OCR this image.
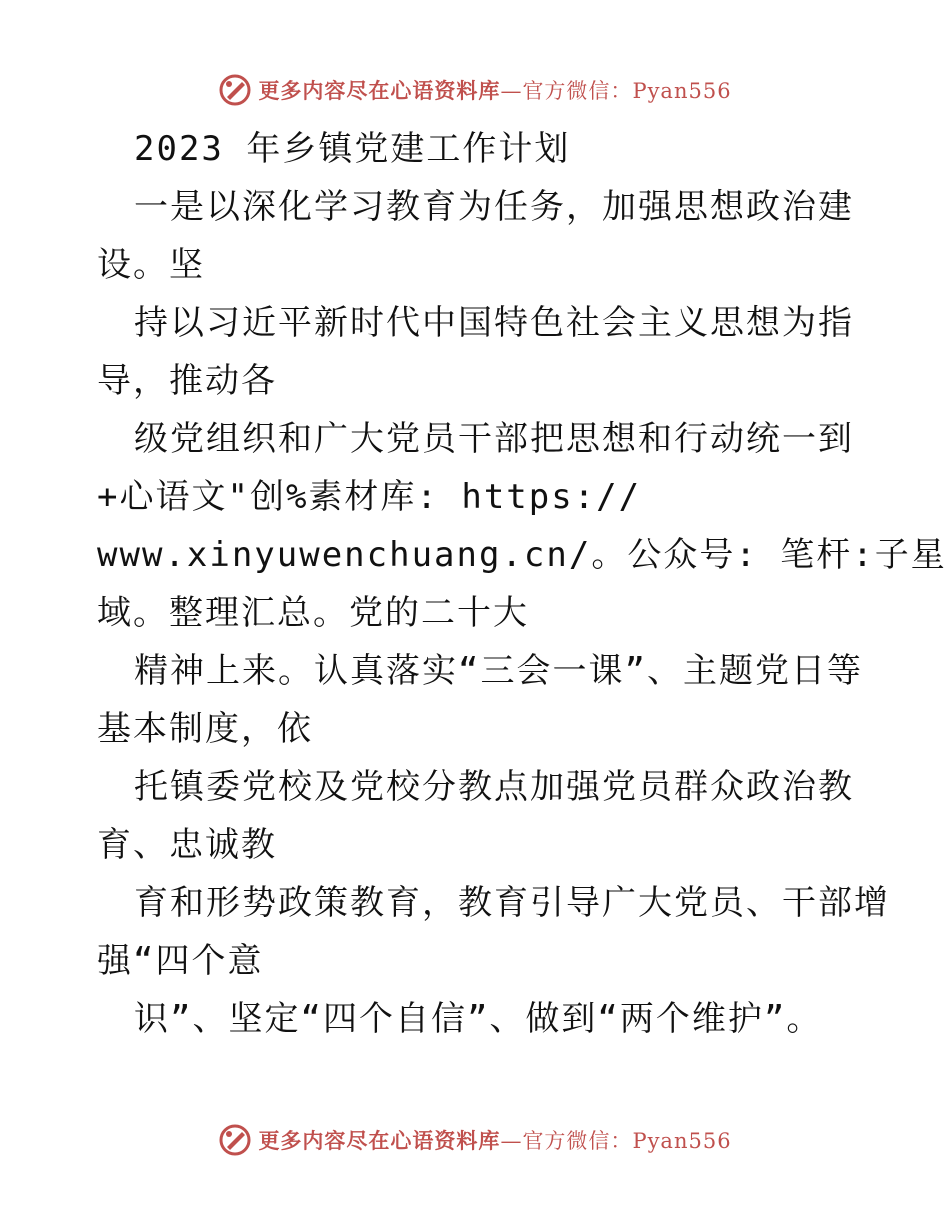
更多内容尽在心语资料库—官方微信：Pyan556
2023 年乡镇党建工作计划
一是以深化学习教育为任务，加强思想政治建
设。坚
持以习近平新时代中国特色社会主义思想为指
导，推动各
级党组织和广大党员干部把思想和行动统一到
+心语文"创%素材库: https://
www.xinyuwenchuang.cn/。公众号: 笔杆:子星
域。整理汇总。党的二十大
精神上来。认真落实“三会一课”、主题党日等
基本制度，依
托镇委党校及党校分教点加强党员群众政治教
育、忠诚教
育和形势政策教育，教育引导广大党员、干部增
强“四个意
识”、坚定“四个自信”、做到“两个维护”。
更多内容尽在心语资料库—官方微信：Pyan556
